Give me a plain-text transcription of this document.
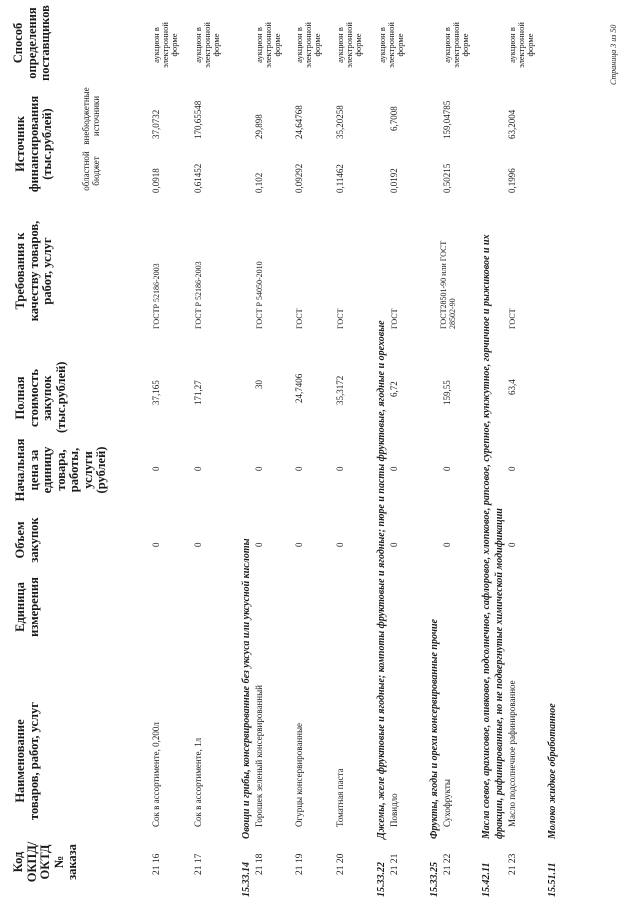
Код ОКПД/ ОКТД № заказа
Наименование товаров, работ, услуг
Единица измерения
Объем закупок
Начальная цена за единицу товара, работы, услуги (рублей)
Полная стоимость закупок (тыс.рублей)
Требования к качеству товаров, работ, услуг
Источник финансирования (тыс.рублей)	областной бюджет
внебюджетные источники
Способ определения поставщиков
21 16
Сок в ассортименте, 0,200л
0
0
37,165
ГОСТР 52186-2003
0,0918
37,0732
аукцион в электронной форме
21 17
Сок в ассортименте, 1л
0
0
171,27
ГОСТ Р 52186-2003
0,61452
170,65548
аукцион в электронной форме
15.33.14
Овощи и грибы, консервированные без уксуса или уксусной кислоты
21 18
Горошек зеленый консервированный
0
0
30
ГОСТ Р 54050-2010
0,102
29,898
аукцион в электронной форме
21 19
Огурцы консервированные
0
0
24,7406
ГОСТ
0,09292
24,64768
аукцион в электронной форме
21 20
Томатная паста
0
0
35,3172
ГОСТ
0,11462
35,20258
аукцион в электронной форме
15.33.22
Джемы, желе фруктовые и ягодные; компоты фруктовые и ягодные; пюре и пасты фруктовые, ягодные и ореховые
21 21
Повидло
0
0
6,72
ГОСТ
0,0192
6,7008
аукцион в электронной форме
15.33.25
Фрукты, ягоды и орехи консервированные прочие
21 22
Сухофрукты
0
0
159,55
ГОСТ28501-90 или ГОСТ 28502-90
0,50215
159,04785
аукцион в электронной форме
15.42.11
Масла соевое, арахисовое, оливковое, подсолнечное, сафлоровое, хлопковое, рапсовое, сурепное, кунжутное, горчичное и рыжиковое и их фракции, рафинированные, но не подвергнутые химической модификации
21 23
Масло подсолнечное рафинированное
0
0
63,4
ГОСТ
0,1996
63,2004
аукцион в электронной форме
15.51.11
Молоко жидкое обработанное
Страница 3 из 50
